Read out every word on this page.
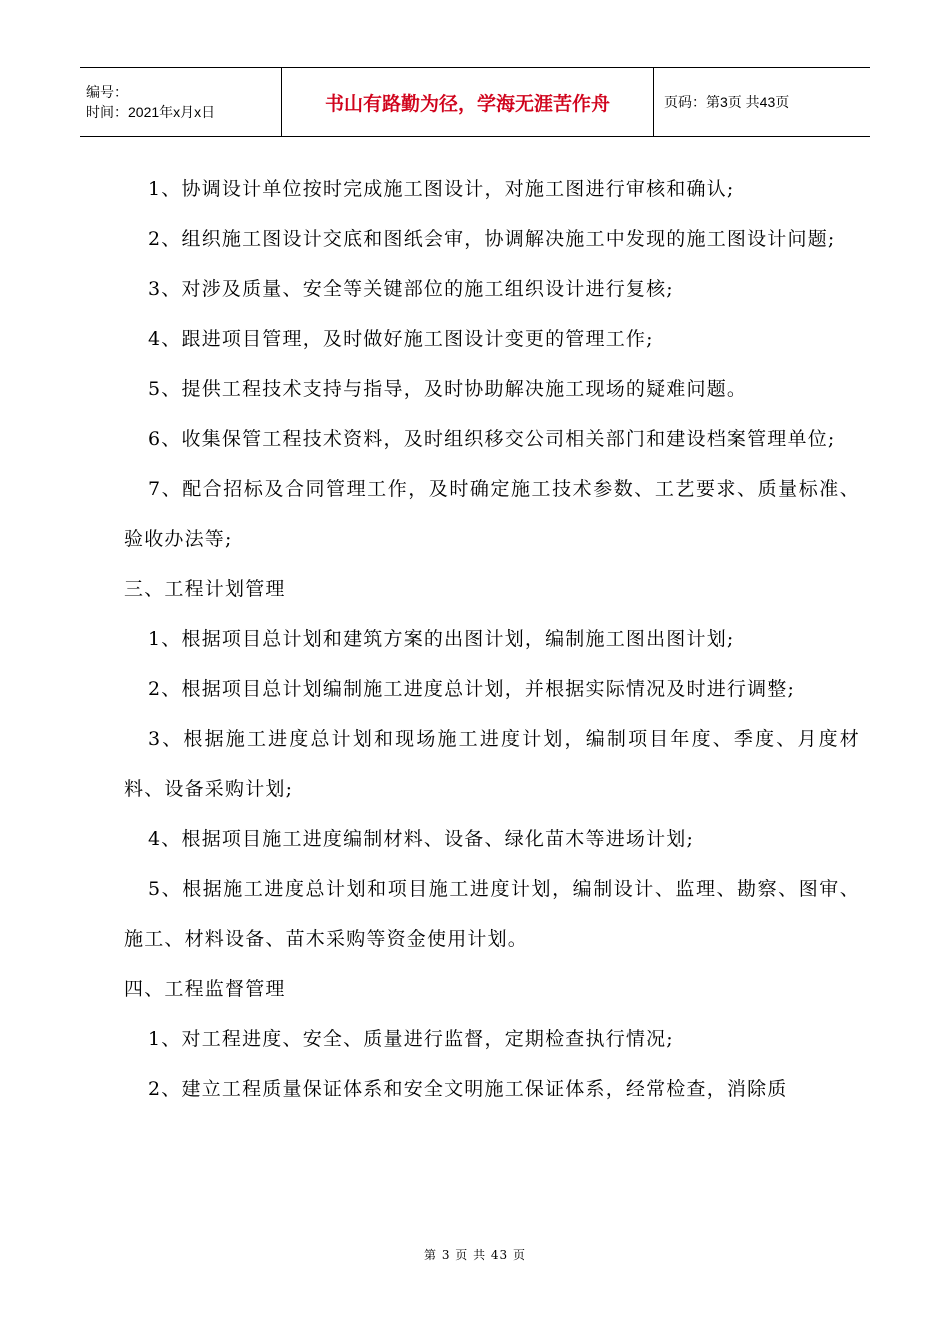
编号：
时间：2021年x月x日	书山有路勤为径，学海无涯苦作舟	页码：第3页 共43页

1、协调设计单位按时完成施工图设计，对施工图进行审核和确认;

2、组织施工图设计交底和图纸会审，协调解决施工中发现的施工图设计问题;

3、对涉及质量、安全等关键部位的施工组织设计进行复核;

4、跟进项目管理，及时做好施工图设计变更的管理工作;

5、提供工程技术支持与指导，及时协助解决施工现场的疑难问题。

6、收集保管工程技术资料，及时组织移交公司相关部门和建设档案管理单位;

7、配合招标及合同管理工作，及时确定施工技术参数、工艺要求、质量标准、验收办法等;

三、工程计划管理

1、根据项目总计划和建筑方案的出图计划，编制施工图出图计划;

2、根据项目总计划编制施工进度总计划，并根据实际情况及时进行调整;

3、根据施工进度总计划和现场施工进度计划，编制项目年度、季度、月度材料、设备采购计划;

4、根据项目施工进度编制材料、设备、绿化苗木等进场计划;

5、根据施工进度总计划和项目施工进度计划，编制设计、监理、勘察、图审、施工、材料设备、苗木采购等资金使用计划。

四、工程监督管理

1、对工程进度、安全、质量进行监督，定期检查执行情况;

2、建立工程质量保证体系和安全文明施工保证体系，经常检查，消除质

第 3 页 共 43 页
